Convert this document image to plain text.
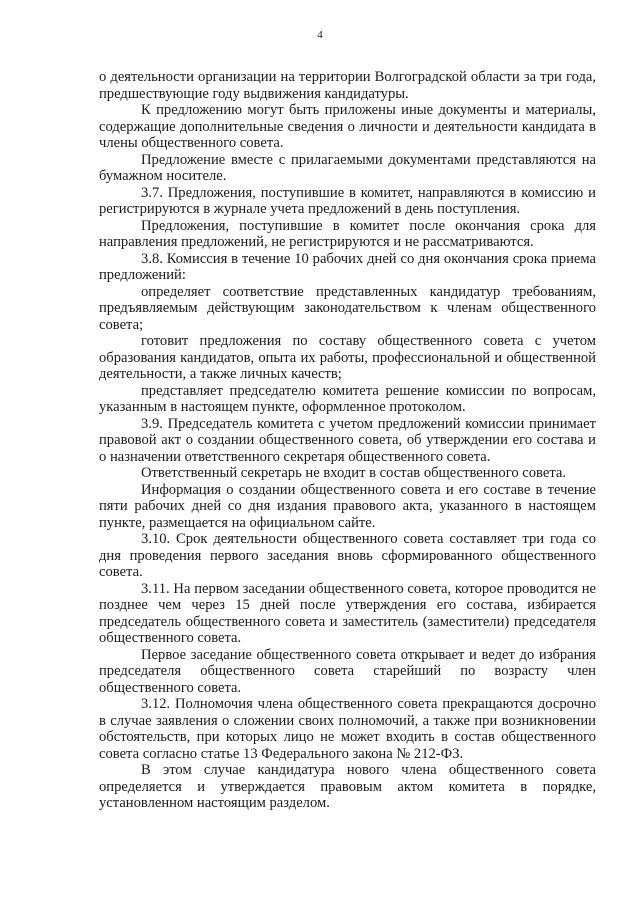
4

о деятельности организации на территории Волгоградской области за три года, предшествующие году выдвижения кандидатуры.

К предложению могут быть приложены иные документы и материалы, содержащие дополнительные сведения о личности и деятельности кандидата в члены общественного совета.

Предложение вместе с прилагаемыми документами представляются на бумажном носителе.

3.7. Предложения, поступившие в комитет, направляются в комиссию и регистрируются в журнале учета предложений в день поступления.

Предложения, поступившие в комитет после окончания срока для направления предложений, не регистрируются и не рассматриваются.

3.8. Комиссия в течение 10 рабочих дней со дня окончания срока приема предложений:

определяет соответствие представленных кандидатур требованиям, предъявляемым действующим законодательством к членам общественного совета;

готовит предложения по составу общественного совета с учетом образования кандидатов, опыта их работы, профессиональной и общественной деятельности, а также личных качеств;

представляет председателю комитета решение комиссии по вопросам, указанным в настоящем пункте, оформленное протоколом.

3.9. Председатель комитета с учетом предложений комиссии принимает правовой акт о создании общественного совета, об утверждении его состава и о назначении ответственного секретаря общественного совета.

Ответственный секретарь не входит в состав общественного совета.

Информация о создании общественного совета и его составе в течение пяти рабочих дней со дня издания правового акта, указанного в настоящем пункте, размещается на официальном сайте.

3.10. Срок деятельности общественного совета составляет три года со дня проведения первого заседания вновь сформированного общественного совета.

3.11. На первом заседании общественного совета, которое проводится не позднее чем через 15 дней после утверждения его состава, избирается председатель общественного совета и заместитель (заместители) председателя общественного совета.

Первое заседание общественного совета открывает и ведет до избрания председателя общественного совета старейший по возрасту член общественного совета.

3.12. Полномочия члена общественного совета прекращаются досрочно в случае заявления о сложении своих полномочий, а также при возникновении обстоятельств, при которых лицо не может входить в состав общественного совета согласно статье 13 Федерального закона № 212-ФЗ.

В этом случае кандидатура нового члена общественного совета определяется и утверждается правовым актом комитета в порядке, установленном настоящим разделом.
